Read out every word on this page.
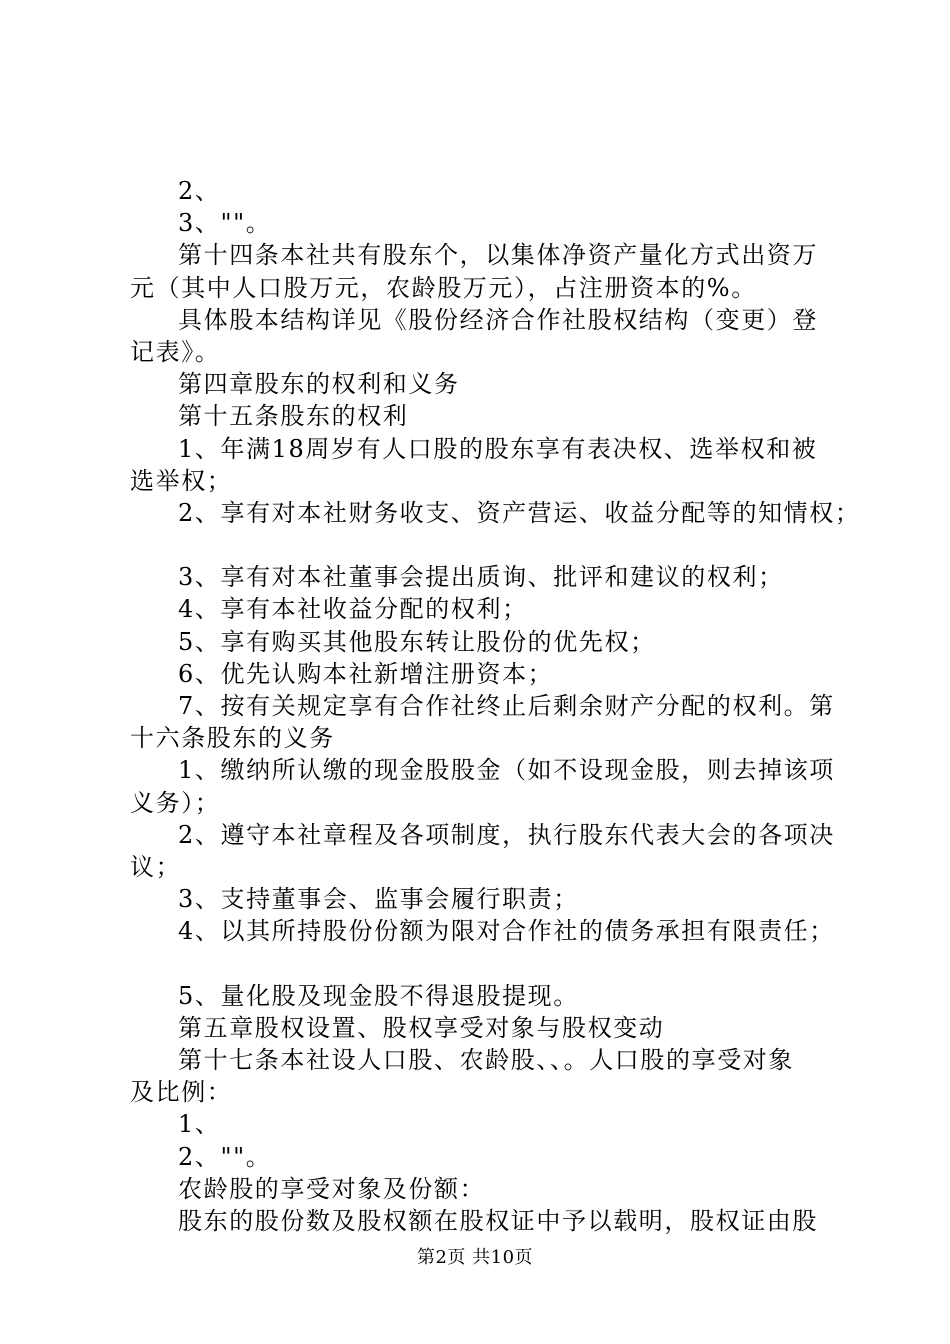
2、
3、""。
第十四条本社共有股东个，以集体净资产量化方式出资万
元（其中人口股万元，农龄股万元），占注册资本的%。
具体股本结构详见《股份经济合作社股权结构（变更）登
记表》。
第四章股东的权利和义务
第十五条股东的权利
1、年满18周岁有人口股的股东享有表决权、选举权和被
选举权；
2、享有对本社财务收支、资产营运、收益分配等的知情权；
3、享有对本社董事会提出质询、批评和建议的权利；
4、享有本社收益分配的权利；
5、享有购买其他股东转让股份的优先权；
6、优先认购本社新增注册资本；
7、按有关规定享有合作社终止后剩余财产分配的权利。第
十六条股东的义务
1、缴纳所认缴的现金股股金（如不设现金股，则去掉该项
义务）；
2、遵守本社章程及各项制度，执行股东代表大会的各项决
议；
3、支持董事会、监事会履行职责；
4、以其所持股份份额为限对合作社的债务承担有限责任；
5、量化股及现金股不得退股提现。
第五章股权设置、股权享受对象与股权变动
第十七条本社设人口股、农龄股、、。人口股的享受对象
及比例：
1、
2、""。
农龄股的享受对象及份额：
股东的股份数及股权额在股权证中予以载明，股权证由股
第2页 共10页
